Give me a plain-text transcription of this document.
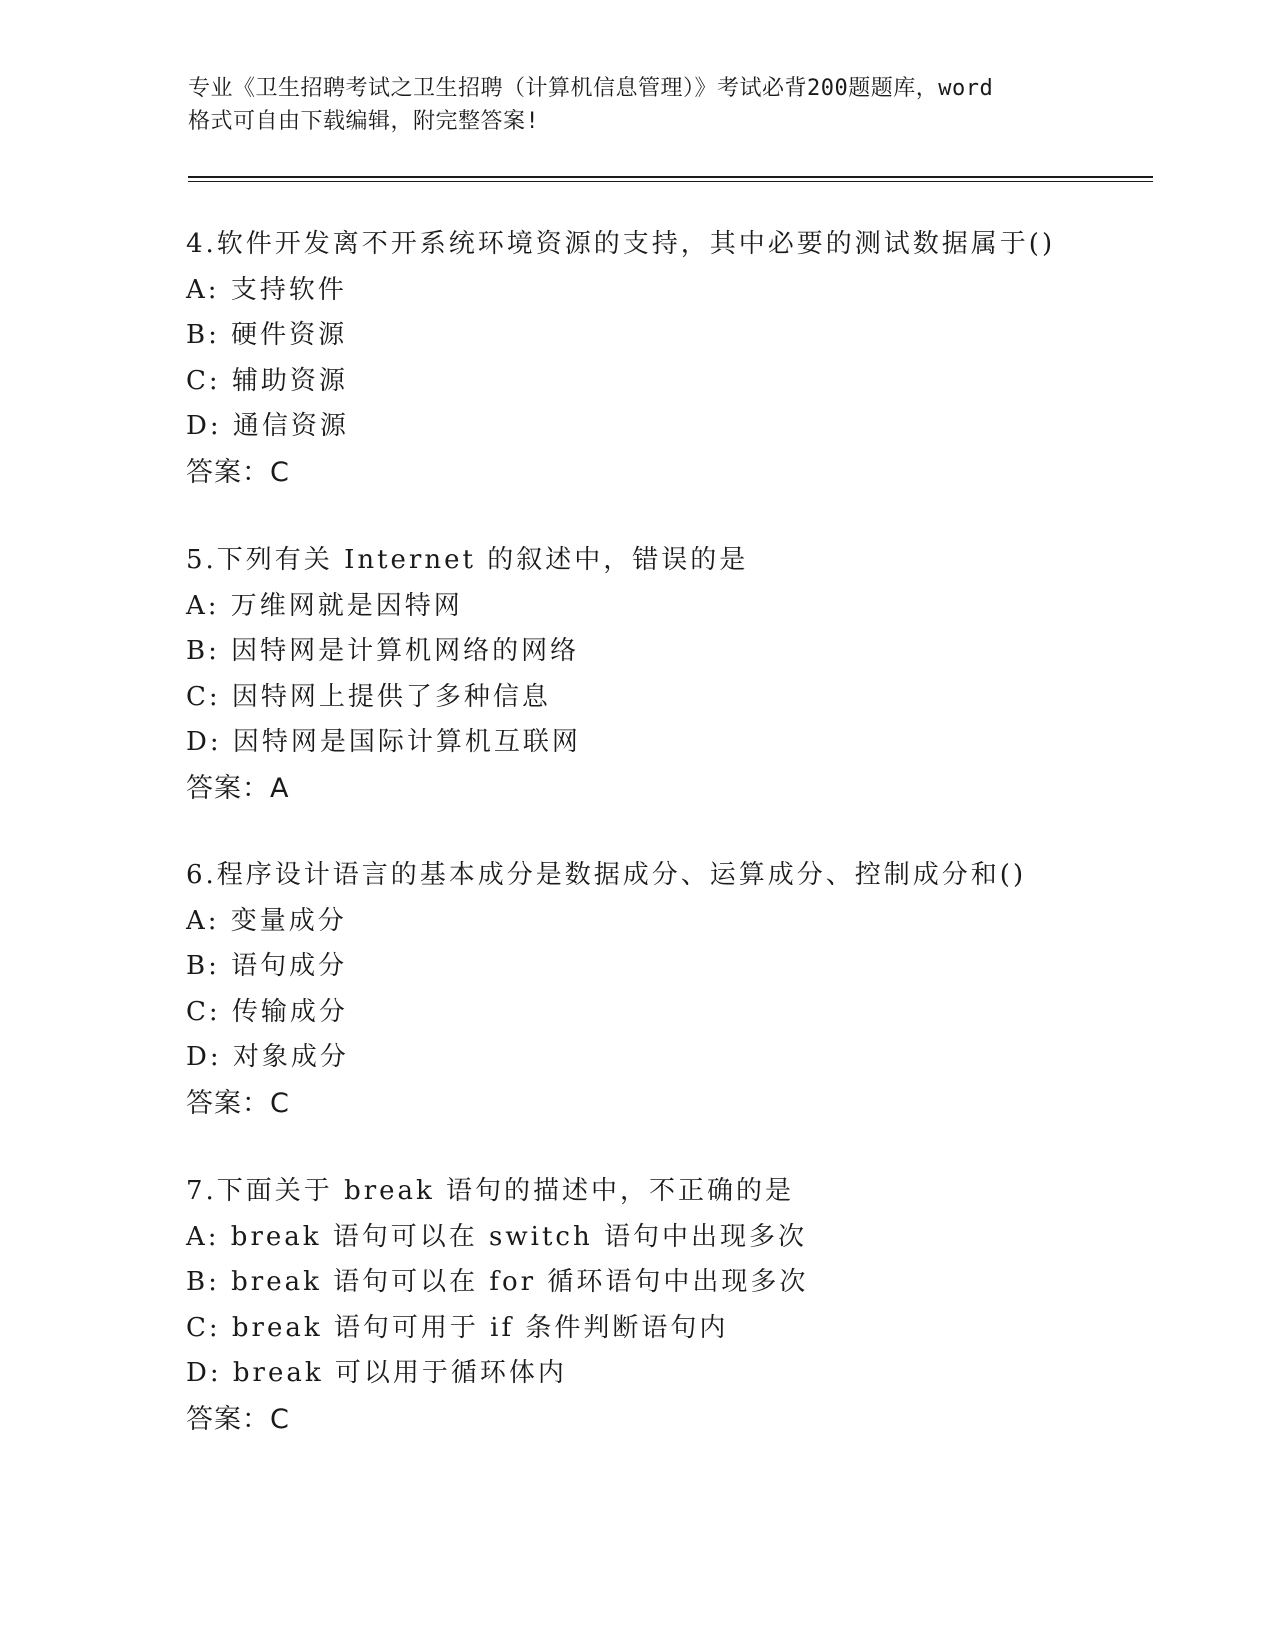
专业《卫生招聘考试之卫生招聘（计算机信息管理）》考试必背200题题库，word
格式可自由下载编辑，附完整答案!
4.软件开发离不开系统环境资源的支持，其中必要的测试数据属于()
A: 支持软件
B: 硬件资源
C: 辅助资源
D: 通信资源
答案：C
5.下列有关 Internet 的叙述中，错误的是
A: 万维网就是因特网
B: 因特网是计算机网络的网络
C: 因特网上提供了多种信息
D: 因特网是国际计算机互联网
答案：A
6.程序设计语言的基本成分是数据成分、运算成分、控制成分和()
A: 变量成分
B: 语句成分
C: 传输成分
D: 对象成分
答案：C
7.下面关于 break 语句的描述中，不正确的是
A: break 语句可以在 switch 语句中出现多次
B: break 语句可以在 for 循环语句中出现多次
C: break 语句可用于 if 条件判断语句内
D: break 可以用于循环体内
答案：C
